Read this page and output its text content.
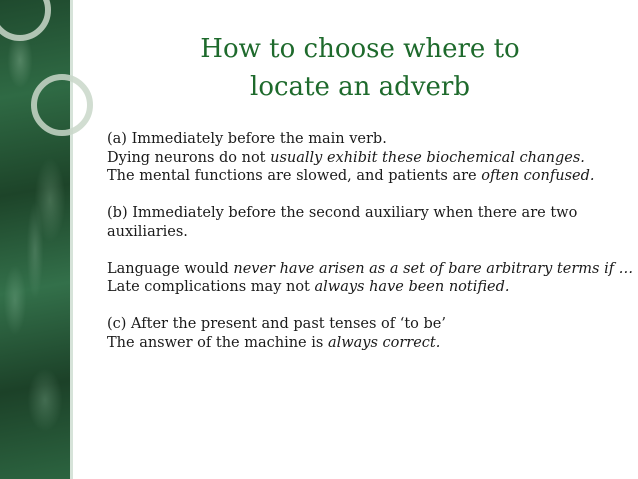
How to choose where to
locate an adverb

(a) Immediately before the main verb.

Dying neurons do not usually exhibit these biochemical changes.

The mental functions are slowed, and patients are often confused.

(b) Immediately before the second auxiliary when there are two auxiliaries.

Language would never have arisen as a set of bare arbitrary terms if …

Late complications may not always have been notified.

(c) After the present and past tenses of ‘to be’

The answer of the machine is always correct.
